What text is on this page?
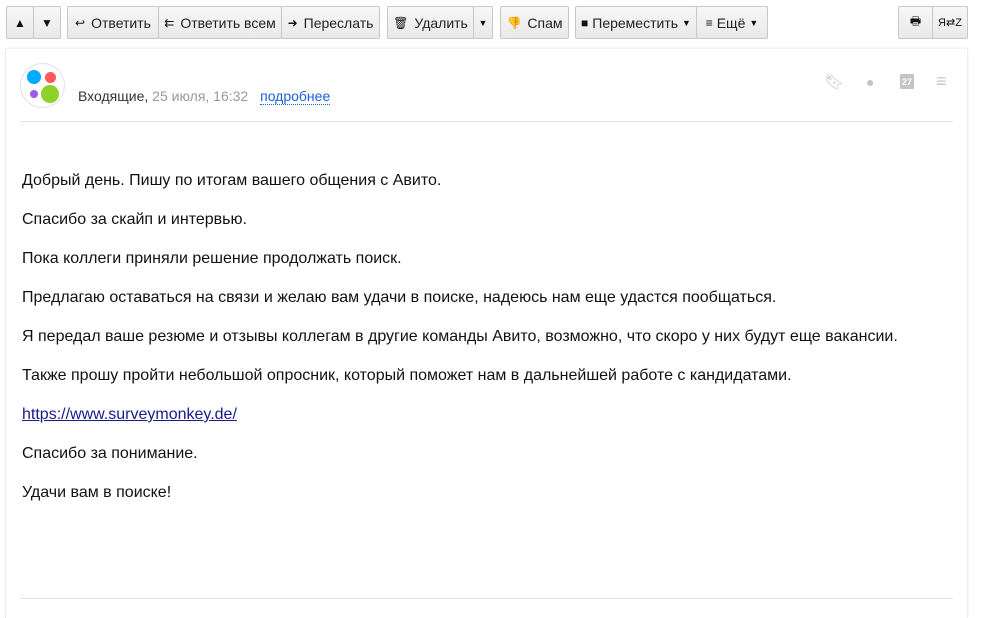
▲ ▼ ↩ Ответить ⇇ Ответить всем ➜ Переслать 🗑 Удалить ▼ 👎 Спам ■ Переместить ▼ ≡ Ещё ▼	🖶 Я⇄Z
Входящие, 25 июля, 16:32 подробнее
🔖︎ ●	27 ≡

Добрый день. Пишу по итогам вашего общения с Авито.

Спасибо за скайп и интервью.

Пока коллеги приняли решение продолжать поиск.

Предлагаю оставаться на связи и желаю вам удачи в поиске, надеюсь нам еще удастся пообщаться.

Я передал ваше резюме и отзывы коллегам в другие команды Авито, возможно, что скоро у них будут еще вакансии.

Также прошу пройти небольшой опросник, который поможет нам в дальнейшей работе с кандидатами.

https://www.surveymonkey.de/

Спасибо за понимание.

Удачи вам в поиске!
